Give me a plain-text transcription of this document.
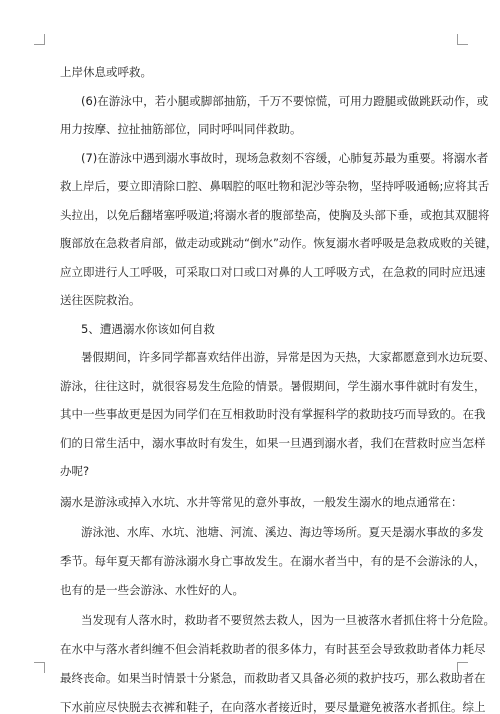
上岸休息或呼救。
(6)在游泳中，若小腿或脚部抽筋，千万不要惊慌，可用力蹬腿或做跳跃动作，或
用力按摩、拉扯抽筋部位，同时呼叫同伴救助。
(7)在游泳中遇到溺水事故时，现场急救刻不容缓，心肺复苏最为重要。将溺水者
救上岸后，要立即清除口腔、鼻咽腔的呕吐物和泥沙等杂物，坚持呼吸通畅;应将其舌
头拉出，以免后翻堵塞呼吸道;将溺水者的腹部垫高，使胸及头部下垂，或抱其双腿将
腹部放在急救者肩部，做走动或跳动“倒水”动作。恢复溺水者呼吸是急救成败的关键，
应立即进行人工呼吸，可采取口对口或口对鼻的人工呼吸方式，在急救的同时应迅速
送往医院救治。
5、遭遇溺水你该如何自救
暑假期间，许多同学都喜欢结伴出游，异常是因为天热，大家都愿意到水边玩耍、
游泳，往往这时，就很容易发生危险的情景。暑假期间，学生溺水事件就时有发生，
其中一些事故更是因为同学们在互相救助时没有掌握科学的救助技巧而导致的。在我
们的日常生活中，溺水事故时有发生，如果一旦遇到溺水者，我们在营救时应当怎样
办呢?
溺水是游泳或掉入水坑、水井等常见的意外事故，一般发生溺水的地点通常在：
游泳池、水库、水坑、池塘、河流、溪边、海边等场所。夏天是溺水事故的多发
季节。每年夏天都有游泳溺水身亡事故发生。在溺水者当中，有的是不会游泳的人，
也有的是一些会游泳、水性好的人。
当发现有人落水时，救助者不要贸然去救人，因为一旦被落水者抓住将十分危险。
在水中与落水者纠缠不但会消耗救助者的很多体力，有时甚至会导致救助者体力耗尽
最终丧命。如果当时情景十分紧急，而救助者又具备必须的救护技巧，那么救助者在
下水前应尽快脱去衣裤和鞋子，在向落水者接近时，要尽量避免被落水者抓住。综上
